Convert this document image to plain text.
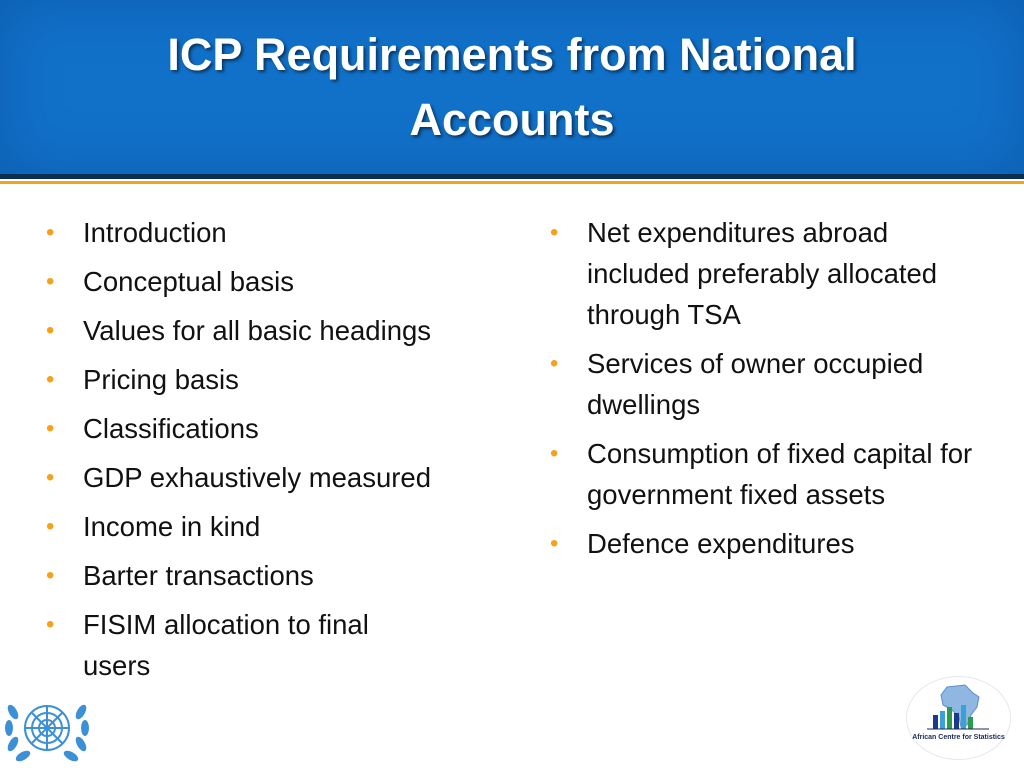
ICP Requirements from National
Accounts
• Introduction
• Conceptual basis
• Values for all basic headings
• Pricing basis
• Classifications
• GDP exhaustively measured
• Income in kind
• Barter transactions
• FISIM allocation to final users
• Net expenditures abroad included preferably allocated through TSA
• Services of owner occupied dwellings
• Consumption of fixed capital for government fixed assets
• Defence expenditures
African Centre for Statistics
